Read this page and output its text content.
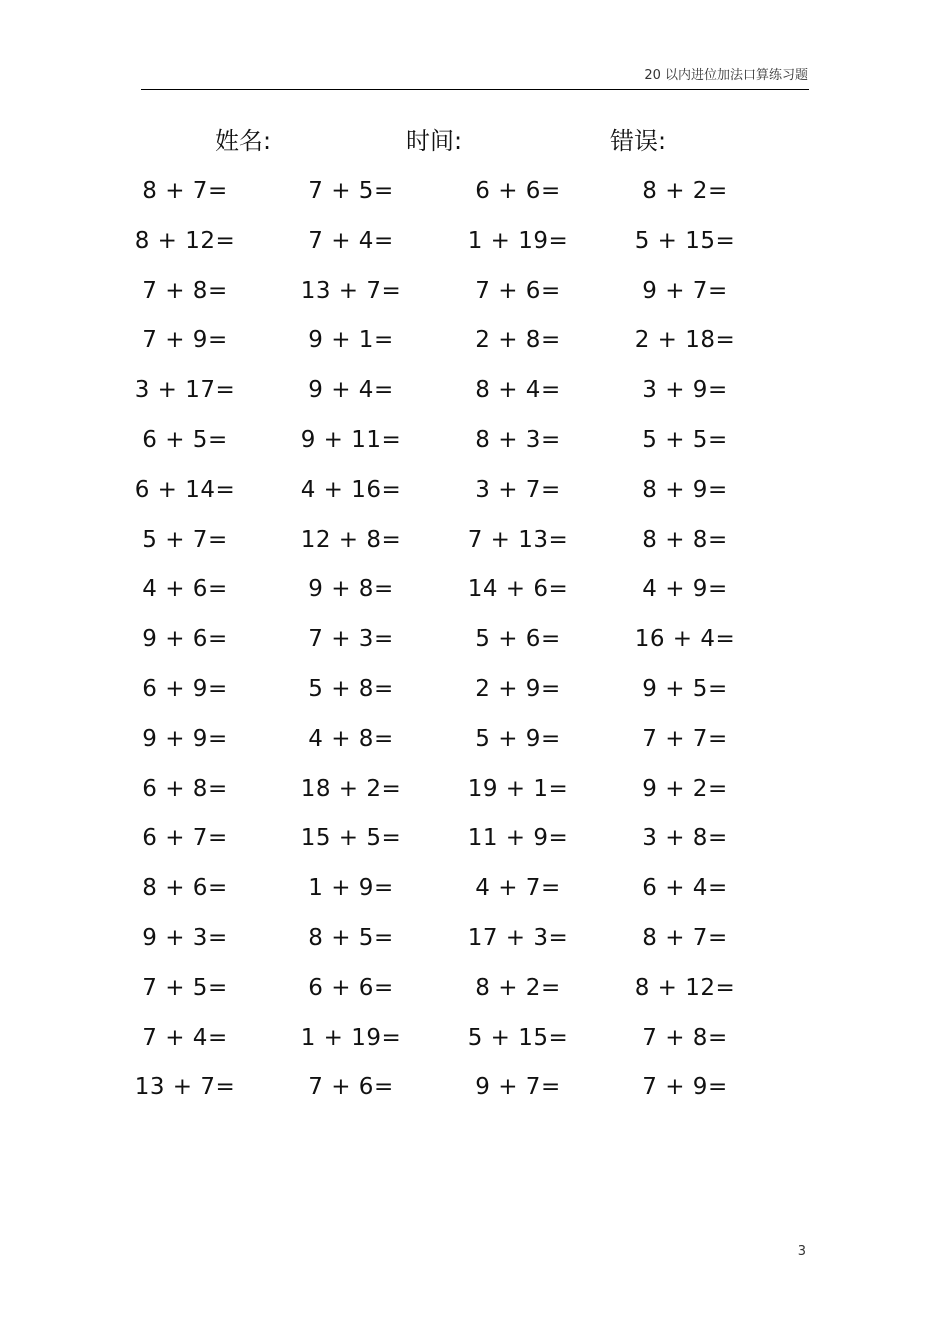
20 以内进位加法口算练习题
姓名:	时间:	错误:
8 + 7=	7 + 5=	6 + 6=	8 + 2=
8 + 12=	7 + 4=	1 + 19=	5 + 15=
7 + 8=	13 + 7=	7 + 6=	9 + 7=
7 + 9=	9 + 1=	2 + 8=	2 + 18=
3 + 17=	9 + 4=	8 + 4=	3 + 9=
6 + 5=	9 + 11=	8 + 3=	5 + 5=
6 + 14=	4 + 16=	3 + 7=	8 + 9=
5 + 7=	12 + 8=	7 + 13=	8 + 8=
4 + 6=	9 + 8=	14 + 6=	4 + 9=
9 + 6=	7 + 3=	5 + 6=	16 + 4=
6 + 9=	5 + 8=	2 + 9=	9 + 5=
9 + 9=	4 + 8=	5 + 9=	7 + 7=
6 + 8=	18 + 2=	19 + 1=	9 + 2=
6 + 7=	15 + 5=	11 + 9=	3 + 8=
8 + 6=	1 + 9=	4 + 7=	6 + 4=
9 + 3=	8 + 5=	17 + 3=	8 + 7=
7 + 5=	6 + 6=	8 + 2=	8 + 12=
7 + 4=	1 + 19=	5 + 15=	7 + 8=
13 + 7=	7 + 6=	9 + 7=	7 + 9=
3
